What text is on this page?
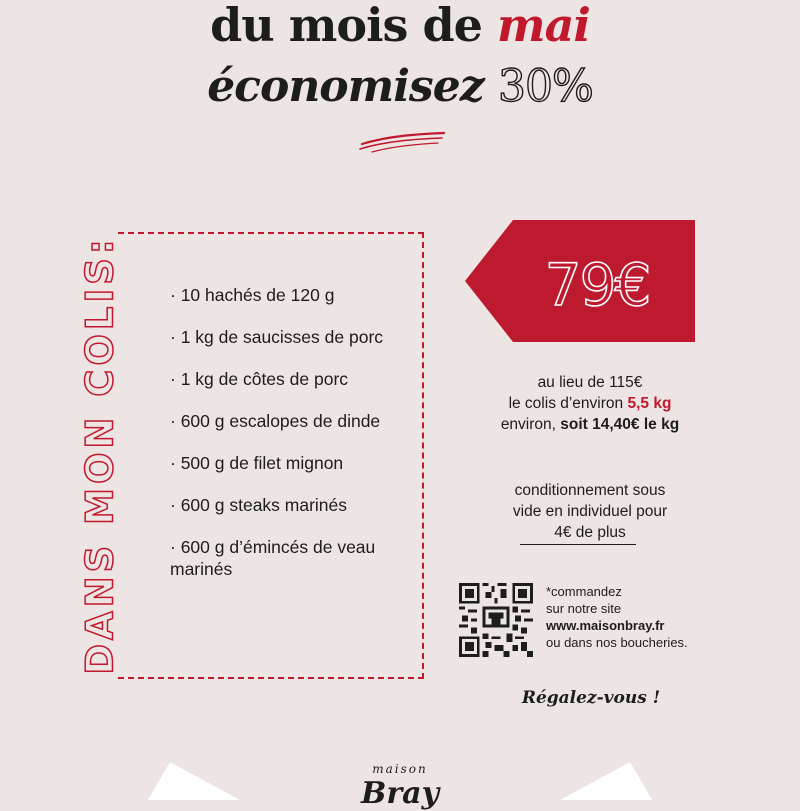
du mois de mai
économisez 30%
DANS MON COLIS:	· 10 hachés de 120 g
· 1 kg de saucisses de porc
· 1 kg de côtes de porc
· 600 g escalopes de dinde
· 500 g de filet mignon
· 600 g steaks marinés
· 600 g d’émincés de veau marinés
79€
au lieu de 115€
le colis d’environ 5,5 kg
environ, soit 14,40€ le kg
conditionnement sous
vide en individuel pour
4€ de plus
*commandez
sur notre site
www.maisonbray.fr
ou dans nos boucheries.
Régalez-vous !
maison
Bray
